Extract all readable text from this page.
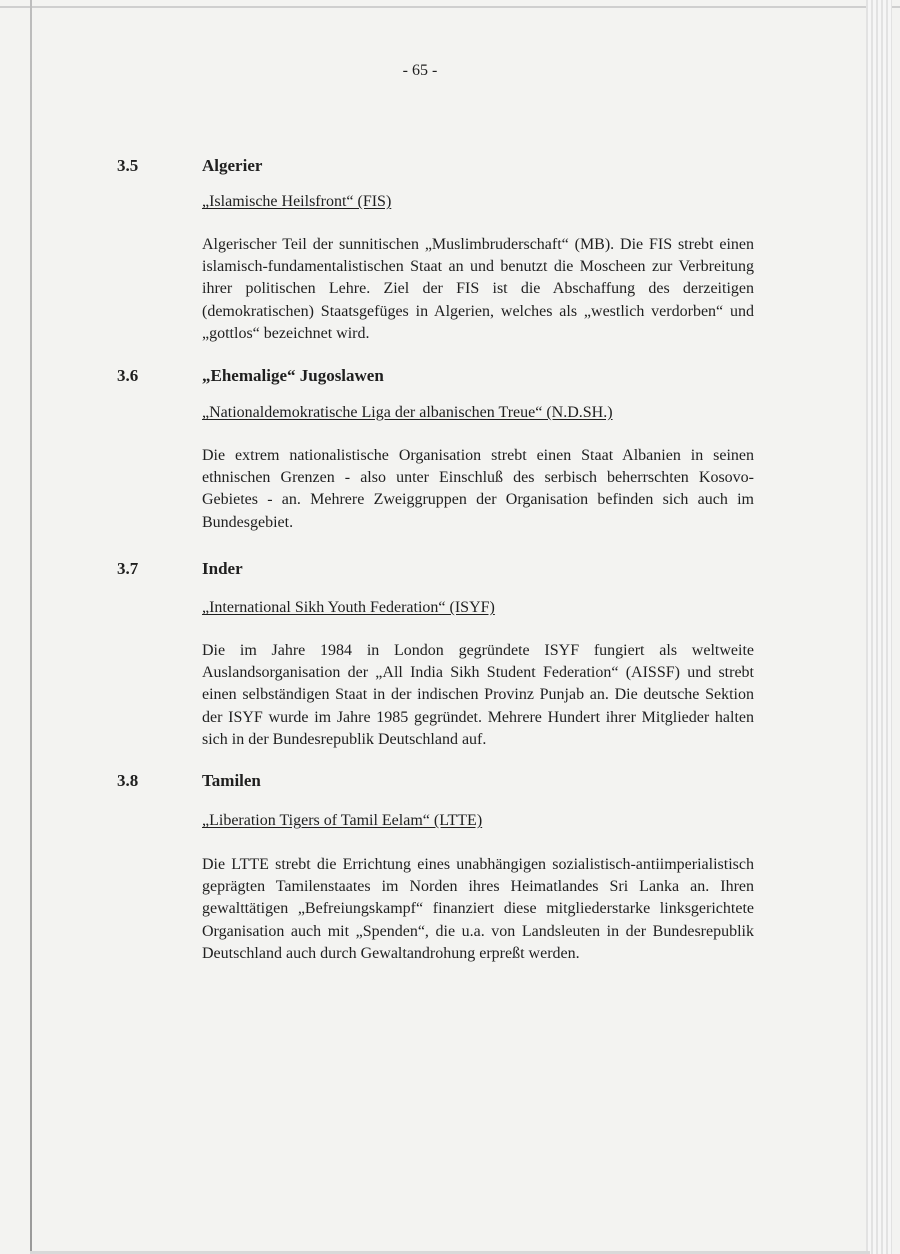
- 65 -
3.5	Algerier
„Islamische Heilsfront“ (FIS)
Algerischer Teil der sunnitischen „Muslimbruderschaft“ (MB). Die FIS strebt einen islamisch-fundamentalistischen Staat an und benutzt die Moscheen zur Verbreitung ihrer politischen Lehre. Ziel der FIS ist die Abschaffung des derzeitigen (demokratischen) Staatsgefüges in Algerien, welches als „westlich verdorben“ und „gottlos“ bezeichnet wird.
3.6	„Ehemalige“ Jugoslawen
„Nationaldemokratische Liga der albanischen Treue“ (N.D.SH.)
Die extrem nationalistische Organisation strebt einen Staat Albanien in seinen ethnischen Grenzen - also unter Einschluß des serbisch beherrschten Kosovo-Gebietes - an. Mehrere Zweiggruppen der Organisation befinden sich auch im Bundesgebiet.
3.7	Inder
„International Sikh Youth Federation“ (ISYF)
Die im Jahre 1984 in London gegründete ISYF fungiert als weltweite Auslandsorganisation der „All India Sikh Student Federation“ (AISSF) und strebt einen selbständigen Staat in der indischen Provinz Punjab an. Die deutsche Sektion der ISYF wurde im Jahre 1985 gegründet. Mehrere Hundert ihrer Mitglieder halten sich in der Bundesrepublik Deutschland auf.
3.8	Tamilen
„Liberation Tigers of Tamil Eelam“ (LTTE)
Die LTTE strebt die Errichtung eines unabhängigen sozialistisch-antiimperialistisch geprägten Tamilenstaates im Norden ihres Heimatlandes Sri Lanka an. Ihren gewalttätigen „Befreiungskampf“ finanziert diese mitgliederstarke linksgerichtete Organisation auch mit „Spenden“, die u.a. von Landsleuten in der Bundesrepublik Deutschland auch durch Gewaltandrohung erpreßt werden.
